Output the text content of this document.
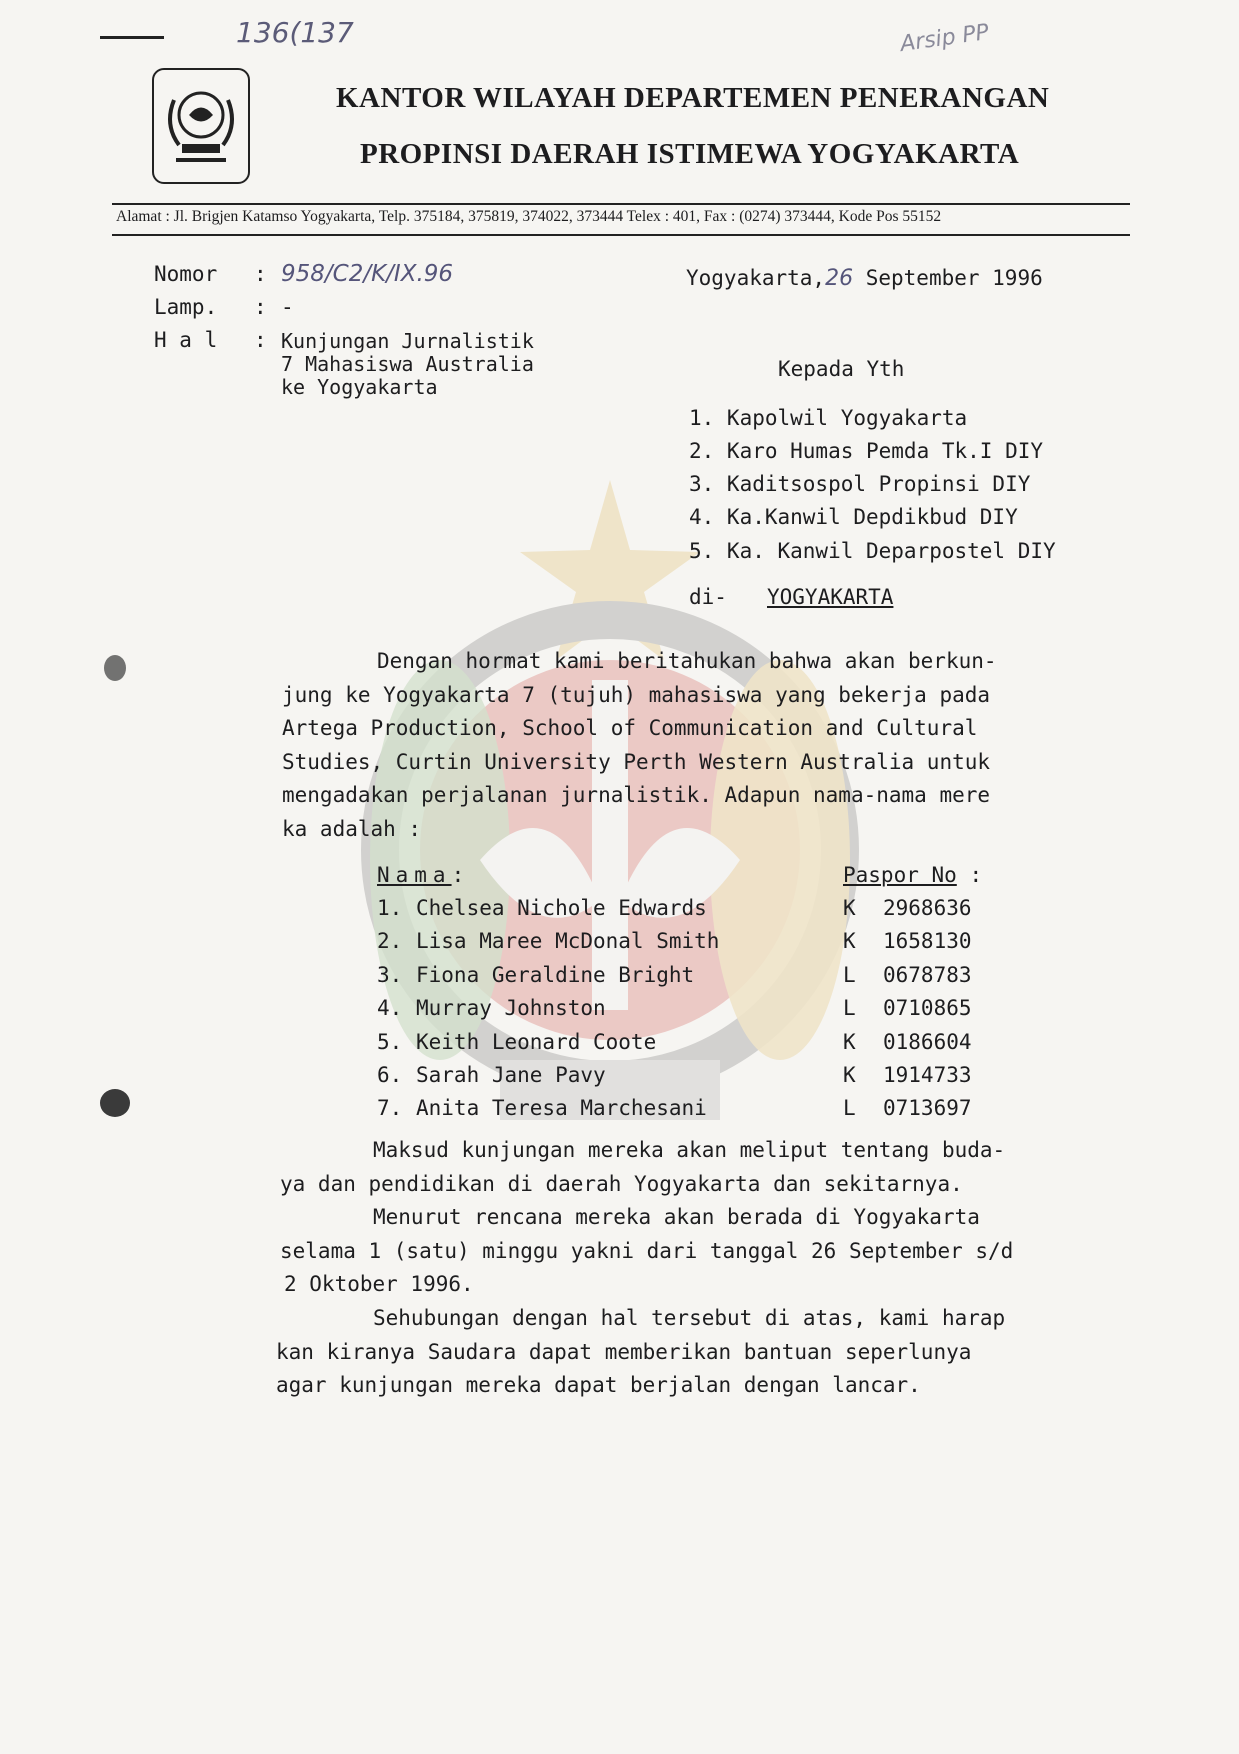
136(137	Arsip PP
KANTOR WILAYAH DEPARTEMEN PENERANGAN
PROPINSI DAERAH ISTIMEWA YOGYAKARTA
Alamat : Jl. Brigjen Katamso Yogyakarta, Telp. 375184, 375819, 374022, 373444 Telex : 401, Fax : (0274) 373444, Kode Pos 55152
Nomor : 958/C2/K/IX.96
Lamp. : -
H a l : Kunjungan Jurnalistik
7 Mahasiswa Australia
ke Yogyakarta
Yogyakarta,26 September 1996
Kepada Yth
1. Kapolwil Yogyakarta
2. Karo Humas Pemda Tk.I DIY
3. Kaditsospol Propinsi DIY
4. Ka.Kanwil Depdikbud DIY
5. Ka. Kanwil Deparpostel DIY
di- YOGYAKARTA

Dengan hormat kami beritahukan bahwa akan berkun-

jung ke Yogyakarta 7 (tujuh) mahasiswa yang bekerja pada

Artega Production, School of Communication and Cultural

Studies, Curtin University Perth Western Australia untuk

mengadakan perjalanan jurnalistik. Adapun nama-nama mere

ka adalah :

Nama:	Paspor No :
1. Chelsea Nichole Edwards	K 2968636
2. Lisa Maree McDonal Smith	K 1658130
3. Fiona Geraldine Bright	L 0678783
4. Murray Johnston	L 0710865
5. Keith Leonard Coote	K 0186604
6. Sarah Jane Pavy	K 1914733
7. Anita Teresa Marchesani	L 0713697

Maksud kunjungan mereka akan meliput tentang buda-

ya dan pendidikan di daerah Yogyakarta dan sekitarnya.

Menurut rencana mereka akan berada di Yogyakarta

selama 1 (satu) minggu yakni dari tanggal 26 September s/d

2 Oktober 1996.

Sehubungan dengan hal tersebut di atas, kami harap

kan kiranya Saudara dapat memberikan bantuan seperlunya

agar kunjungan mereka dapat berjalan dengan lancar.
